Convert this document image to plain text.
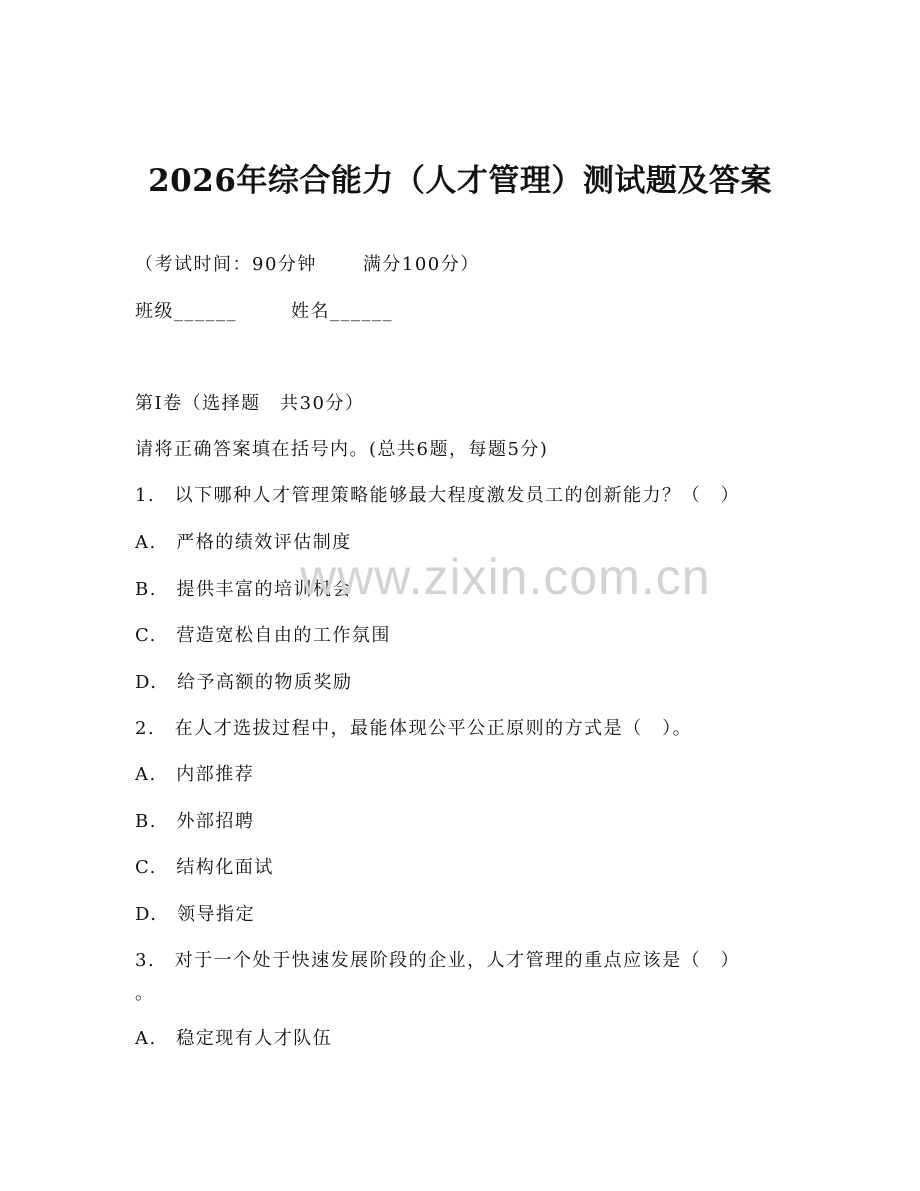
2026年综合能力（人才管理）测试题及答案
（考试时间：90分钟	满分100分）
班级______	姓名______
第I卷（选择题　共30分）
请将正确答案填在括号内。(总共6题，每题5分)
1.　以下哪种人才管理策略能够最大程度激发员工的创新能力？（　）
A.　严格的绩效评估制度
B.　提供丰富的培训机会
C.　营造宽松自由的工作氛围
D.　给予高额的物质奖励
2.　在人才选拔过程中，最能体现公平公正原则的方式是（　）。
A.　内部推荐
B.　外部招聘
C.　结构化面试
D.　领导指定
3.　对于一个处于快速发展阶段的企业，人才管理的重点应该是（　）
。
A.　稳定现有人才队伍
www.zixin.com.cn
